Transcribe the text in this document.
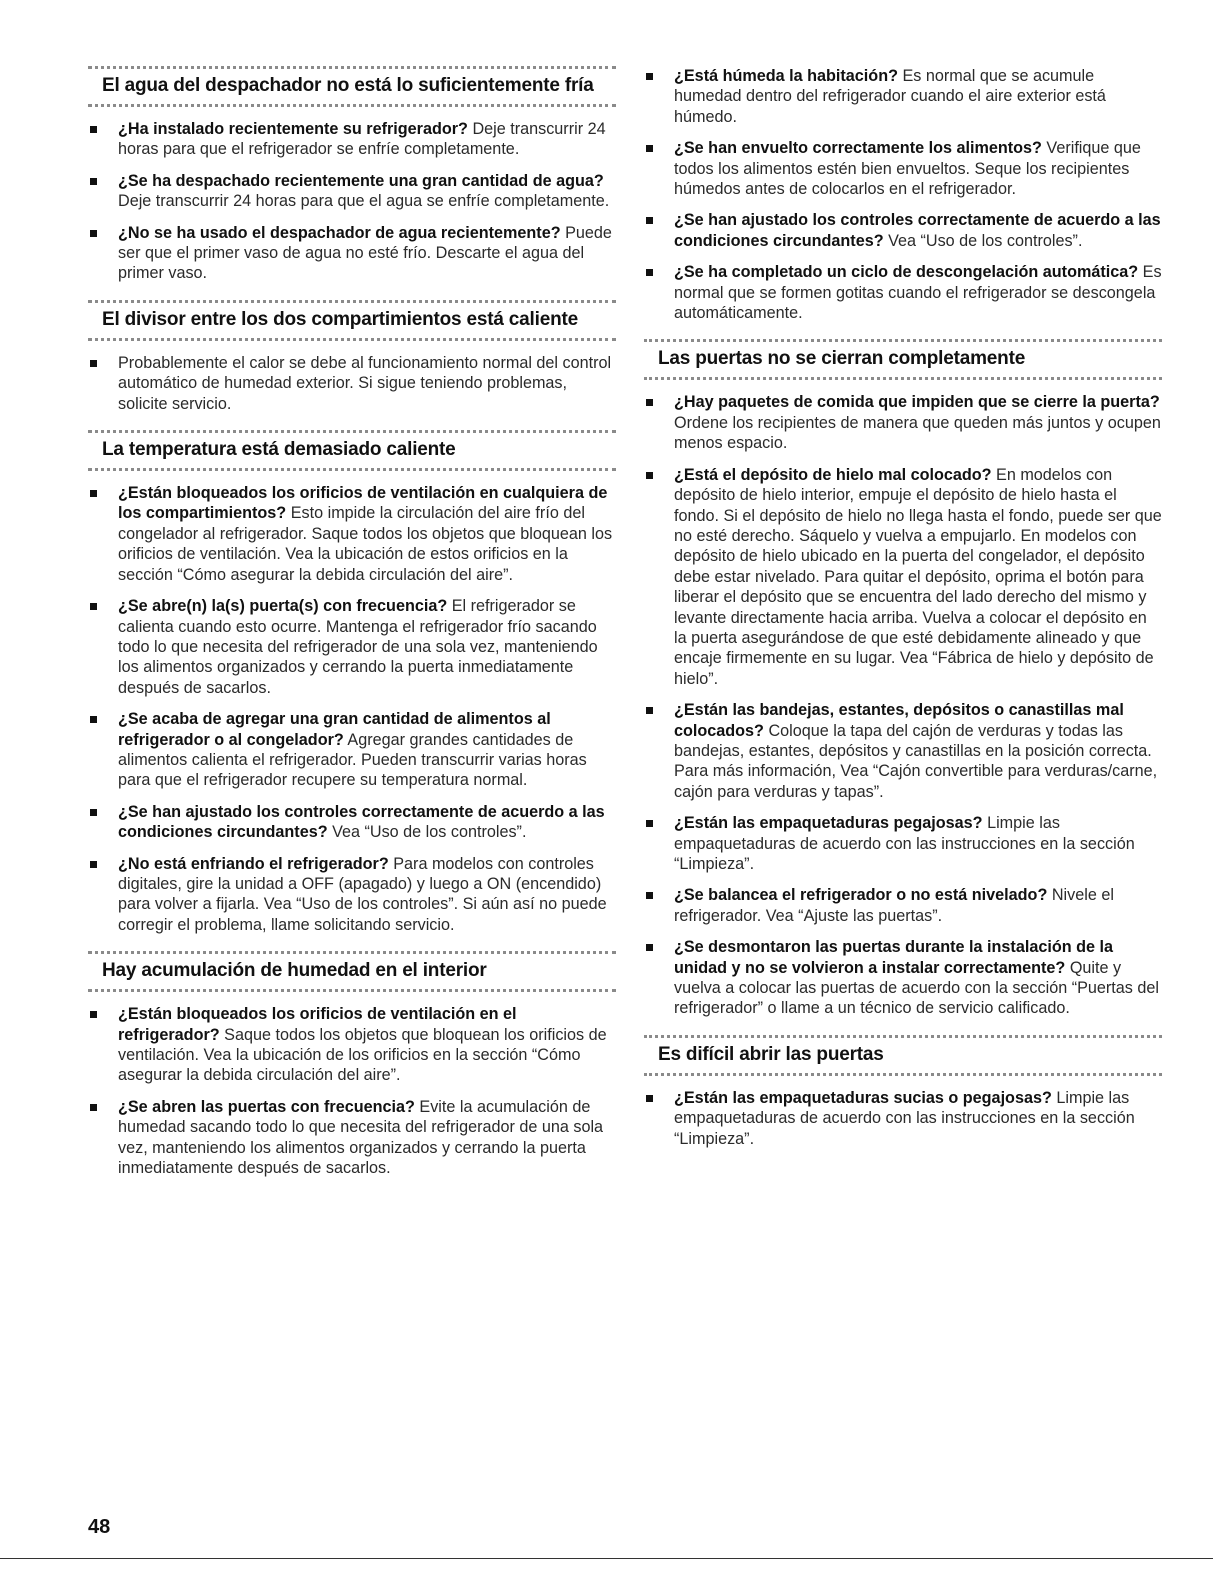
El agua del despachador no está lo suficientemente fría
¿Ha instalado recientemente su refrigerador? Deje transcurrir 24 horas para que el refrigerador se enfríe completamente.
¿Se ha despachado recientemente una gran cantidad de agua? Deje transcurrir 24 horas para que el agua se enfríe completamente.
¿No se ha usado el despachador de agua recientemente? Puede ser que el primer vaso de agua no esté frío. Descarte el agua del primer vaso.
El divisor entre los dos compartimientos está caliente
Probablemente el calor se debe al funcionamiento normal del control automático de humedad exterior. Si sigue teniendo problemas, solicite servicio.
La temperatura está demasiado caliente
¿Están bloqueados los orificios de ventilación en cualquiera de los compartimientos? Esto impide la circulación del aire frío del congelador al refrigerador. Saque todos los objetos que bloquean los orificios de ventilación. Vea la ubicación de estos orificios en la sección “Cómo asegurar la debida circulación del aire”.
¿Se abre(n) la(s) puerta(s) con frecuencia? El refrigerador se calienta cuando esto ocurre. Mantenga el refrigerador frío sacando todo lo que necesita del refrigerador de una sola vez, manteniendo los alimentos organizados y cerrando la puerta inmediatamente después de sacarlos.
¿Se acaba de agregar una gran cantidad de alimentos al refrigerador o al congelador? Agregar grandes cantidades de alimentos calienta el refrigerador. Pueden transcurrir varias horas para que el refrigerador recupere su temperatura normal.
¿Se han ajustado los controles correctamente de acuerdo a las condiciones circundantes? Vea “Uso de los controles”.
¿No está enfriando el refrigerador? Para modelos con controles digitales, gire la unidad a OFF (apagado) y luego a ON (encendido) para volver a fijarla. Vea “Uso de los controles”. Si aún así no puede corregir el problema, llame solicitando servicio.
Hay acumulación de humedad en el interior
¿Están bloqueados los orificios de ventilación en el refrigerador? Saque todos los objetos que bloquean los orificios de ventilación. Vea la ubicación de los orificios en la sección “Cómo asegurar la debida circulación del aire”.
¿Se abren las puertas con frecuencia? Evite la acumulación de humedad sacando todo lo que necesita del refrigerador de una sola vez, manteniendo los alimentos organizados y cerrando la puerta inmediatamente después de sacarlos.
¿Está húmeda la habitación? Es normal que se acumule humedad dentro del refrigerador cuando el aire exterior está húmedo.
¿Se han envuelto correctamente los alimentos? Verifique que todos los alimentos estén bien envueltos. Seque los recipientes húmedos antes de colocarlos en el refrigerador.
¿Se han ajustado los controles correctamente de acuerdo a las condiciones circundantes? Vea “Uso de los controles”.
¿Se ha completado un ciclo de descongelación automática? Es normal que se formen gotitas cuando el refrigerador se descongela automáticamente.
Las puertas no se cierran completamente
¿Hay paquetes de comida que impiden que se cierre la puerta? Ordene los recipientes de manera que queden más juntos y ocupen menos espacio.
¿Está el depósito de hielo mal colocado? En modelos con depósito de hielo interior, empuje el depósito de hielo hasta el fondo. Si el depósito de hielo no llega hasta el fondo, puede ser que no esté derecho. Sáquelo y vuelva a empujarlo. En modelos con depósito de hielo ubicado en la puerta del congelador, el depósito debe estar nivelado. Para quitar el depósito, oprima el botón para liberar el depósito que se encuentra del lado derecho del mismo y levante directamente hacia arriba. Vuelva a colocar el depósito en la puerta asegurándose de que esté debidamente alineado y que encaje firmemente en su lugar. Vea “Fábrica de hielo y depósito de hielo”.
¿Están las bandejas, estantes, depósitos o canastillas mal colocados? Coloque la tapa del cajón de verduras y todas las bandejas, estantes, depósitos y canastillas en la posición correcta. Para más información, Vea “Cajón convertible para verduras/carne, cajón para verduras y tapas”.
¿Están las empaquetaduras pegajosas? Limpie las empaquetaduras de acuerdo con las instrucciones en la sección “Limpieza”.
¿Se balancea el refrigerador o no está nivelado? Nivele el refrigerador. Vea “Ajuste las puertas”.
¿Se desmontaron las puertas durante la instalación de la unidad y no se volvieron a instalar correctamente? Quite y vuelva a colocar las puertas de acuerdo con la sección “Puertas del refrigerador” o llame a un técnico de servicio calificado.
Es difícil abrir las puertas
¿Están las empaquetaduras sucias o pegajosas? Limpie las empaquetaduras de acuerdo con las instrucciones en la sección “Limpieza”.
48
